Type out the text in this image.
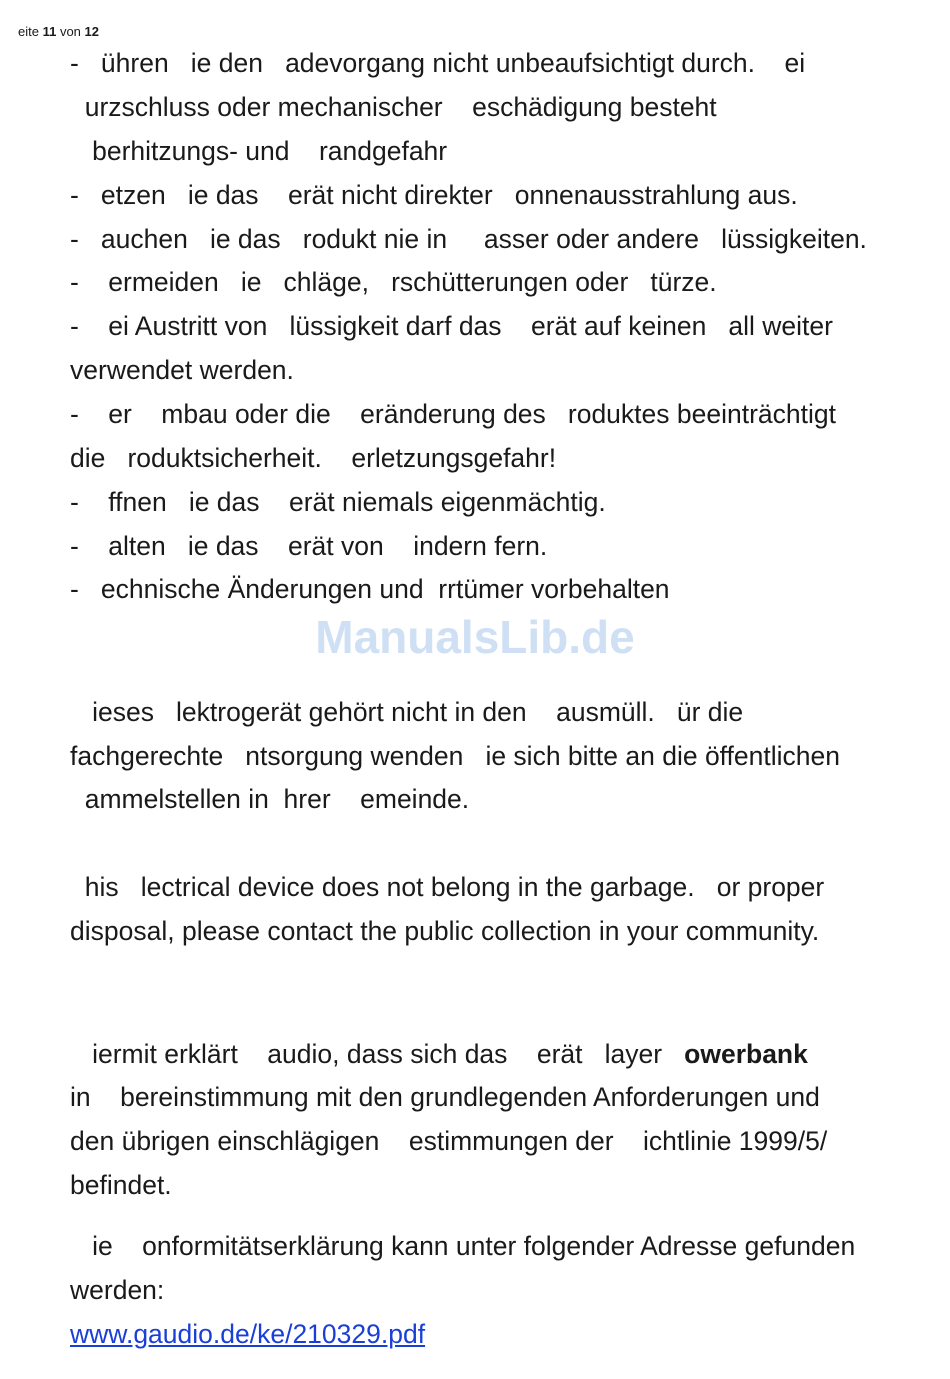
eite 11 von 12
-   ühren   ie den   adevorgang nicht unbeaufsichtigt durch.    ei
urzschluss oder mechanischer    eschädigung besteht
berhitzungs- und    randgefahr
-   etzen   ie das    erät nicht direkter   onnenausstrahlung aus.
-   auchen   ie das   rodukt nie in     asser oder andere   lüssigkeiten.
-    ermeiden   ie   chläge,   rschütterungen oder   türze.
-    ei Austritt von   lüssigkeit darf das    erät auf keinen   all weiter
verwendet werden.
-    er    mbau oder die    eränderung des   roduktes beeinträchtigt
die   roduktsicherheit.    erletzungsgefahr!
-    ffnen   ie das    erät niemals eigenmächtig.
-    alten   ie das    erät von    indern fern.
-   echnische Änderungen und  rrtümer vorbehalten
ManualsLib.de
ieses   lektrogerät gehört nicht in den    ausmüll.   ür die
fachgerechte   ntsorgung wenden   ie sich bitte an die öffentlichen
ammelstellen in  hrer    emeinde.
his   lectrical device does not belong in the garbage.   or proper
disposal, please contact the public collection in your community.
iermit erklärt    audio, dass sich das    erät   layer   owerbank
in    bereinstimmung mit den grundlegenden Anforderungen und
den übrigen einschlägigen    estimmungen der    ichtlinie 1999/5/
befindet.
ie    onformitätserklärung kann unter folgender Adresse gefunden
werden:
www.gaudio.de/ke/210329.pdf
